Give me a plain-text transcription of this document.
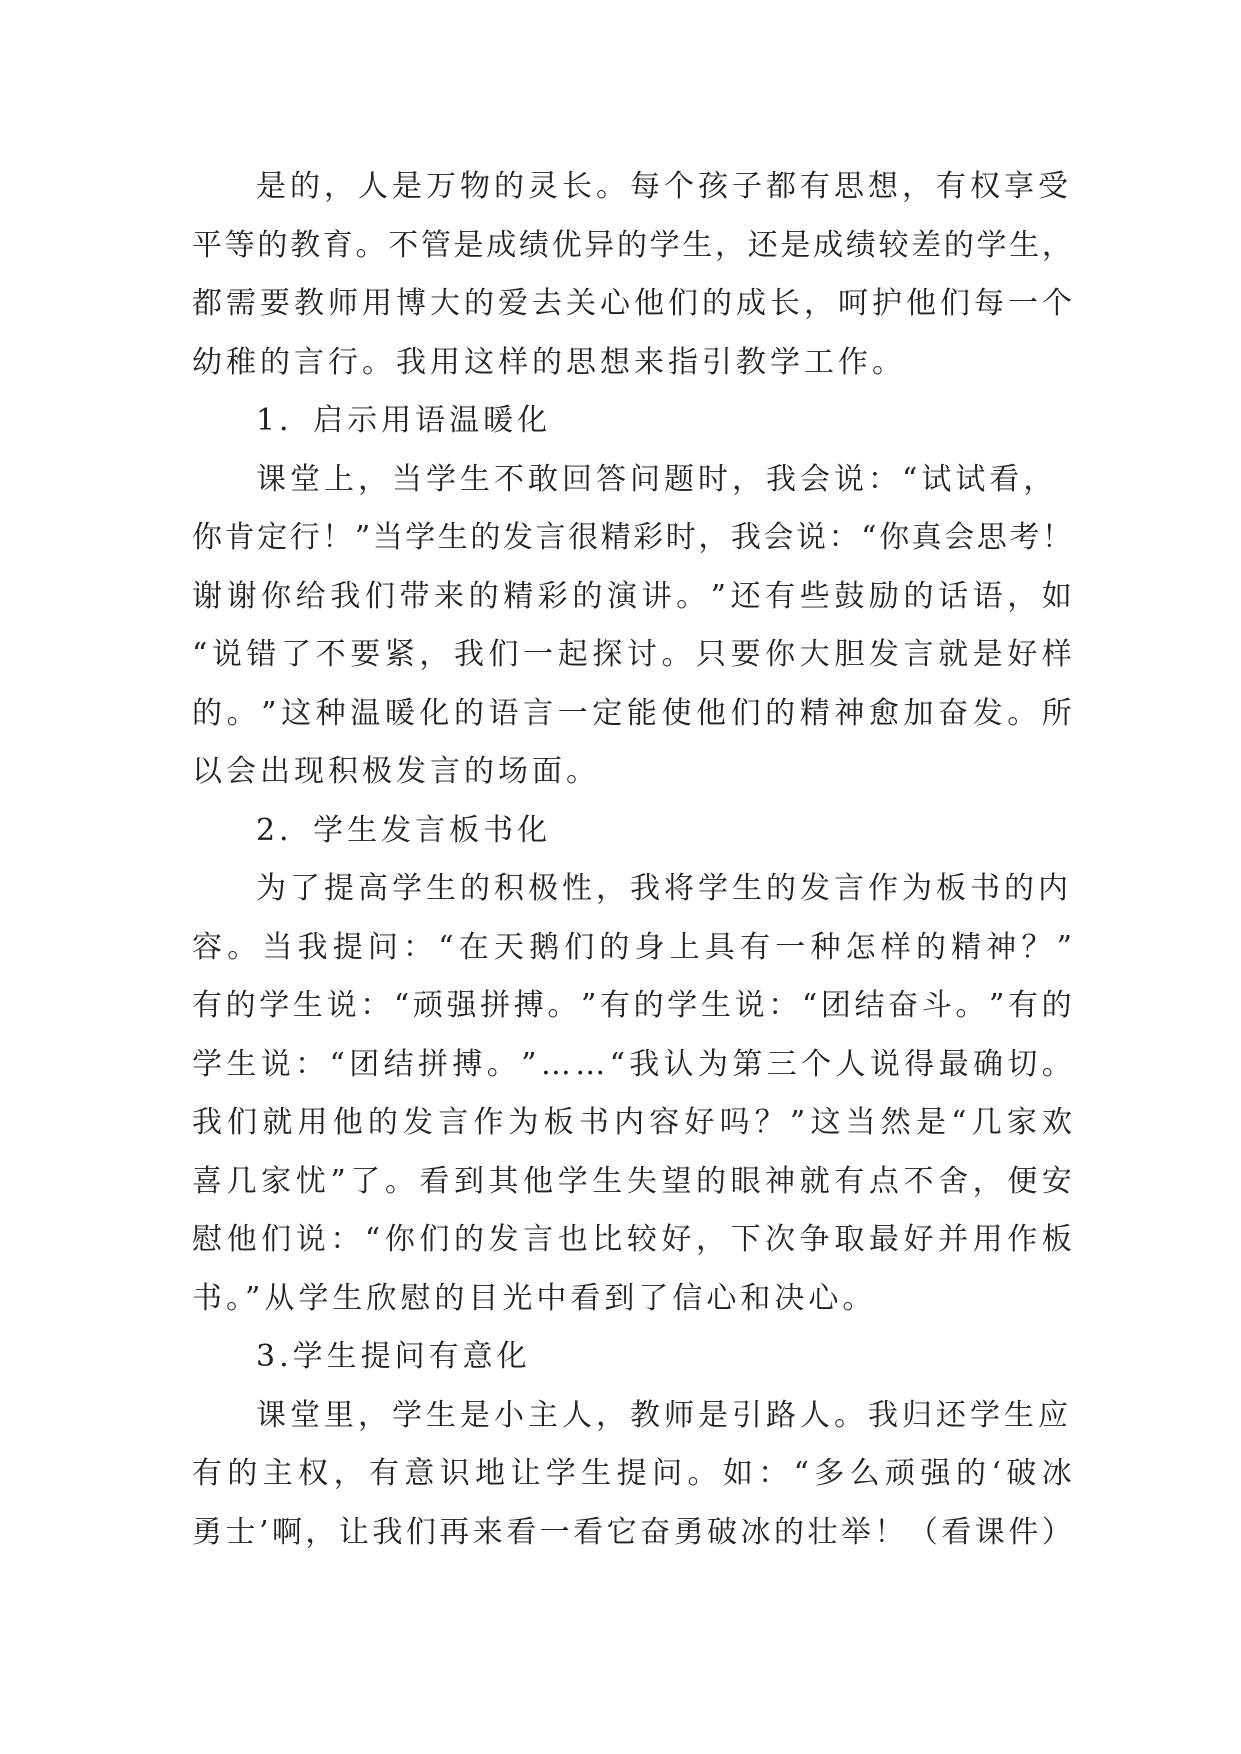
是的，人是万物的灵长。每个孩子都有思想，有权享受
平 等 的 教 育 。 不 管 是 成 绩 优 异 的 学 生 ， 还 是 成 绩 较 差 的 学 生 ，
都 需 要 教 师 用 博 大 的 爱 去 关 心 他 们 的 成 长 ， 呵 护 他 们 每 一 个
幼稚的言行。我用这样的思想来指引教学工作。
1．启示用语温暖化
课堂上，当学生不敢回答问题时，我会说：“试试看，
你 肯 定 行 ！ ” 当 学 生 的 发 言 很 精 彩 时 ， 我 会 说 ： “ 你 真 会 思 考 ！
谢 谢 你 给 我 们 带 来 的 精 彩 的 演 讲 。 ” 还 有 些 鼓 励 的 话 语 ， 如
“ 说 错 了 不 要 紧 ， 我 们 一 起 探 讨 。 只 要 你 大 胆 发 言 就 是 好 样
的 。 ” 这 种 温 暖 化 的 语 言 一 定 能 使 他 们 的 精 神 愈 加 奋 发 。 所
以会出现积极发言的场面。
2．学生发言板书化
为了提高学生的积极性，我将学生的发言作为板书的内
容 。 当 我 提 问 ： “ 在 天 鹅 们 的 身 上 具 有 一 种 怎 样 的 精 神 ？ ”
有 的 学 生 说 ： “ 顽 强 拼 搏 。 ” 有 的 学 生 说 ： “ 团 结 奋 斗 。 ” 有 的
学 生 说 ： “ 团 结 拼 搏 。 ” … … “ 我 认 为 第 三 个 人 说 得 最 确 切 。
我 们 就 用 他 的 发 言 作 为 板 书 内 容 好 吗 ？ ” 这 当 然 是 “ 几 家 欢
喜 几 家 忧 ” 了 。 看 到 其 他 学 生 失 望 的 眼 神 就 有 点 不 舍 ， 便 安
慰 他 们 说 ： “ 你 们 的 发 言 也 比 较 好 ， 下 次 争 取 最 好 并 用 作 板
书。”从学生欣慰的目光中看到了信心和决心。
3.学生提问有意化
课堂里，学生是小主人，教师是引路人。我归还学生应
有 的 主 权 ， 有 意 识 地 让 学 生 提 问 。 如 ： “ 多 么 顽 强 的 ‘ 破 冰
勇 士 ’ 啊 ， 让 我 们 再 来 看 一 看 它 奋 勇 破 冰 的 壮 举 ！ （ 看 课 件 ）
